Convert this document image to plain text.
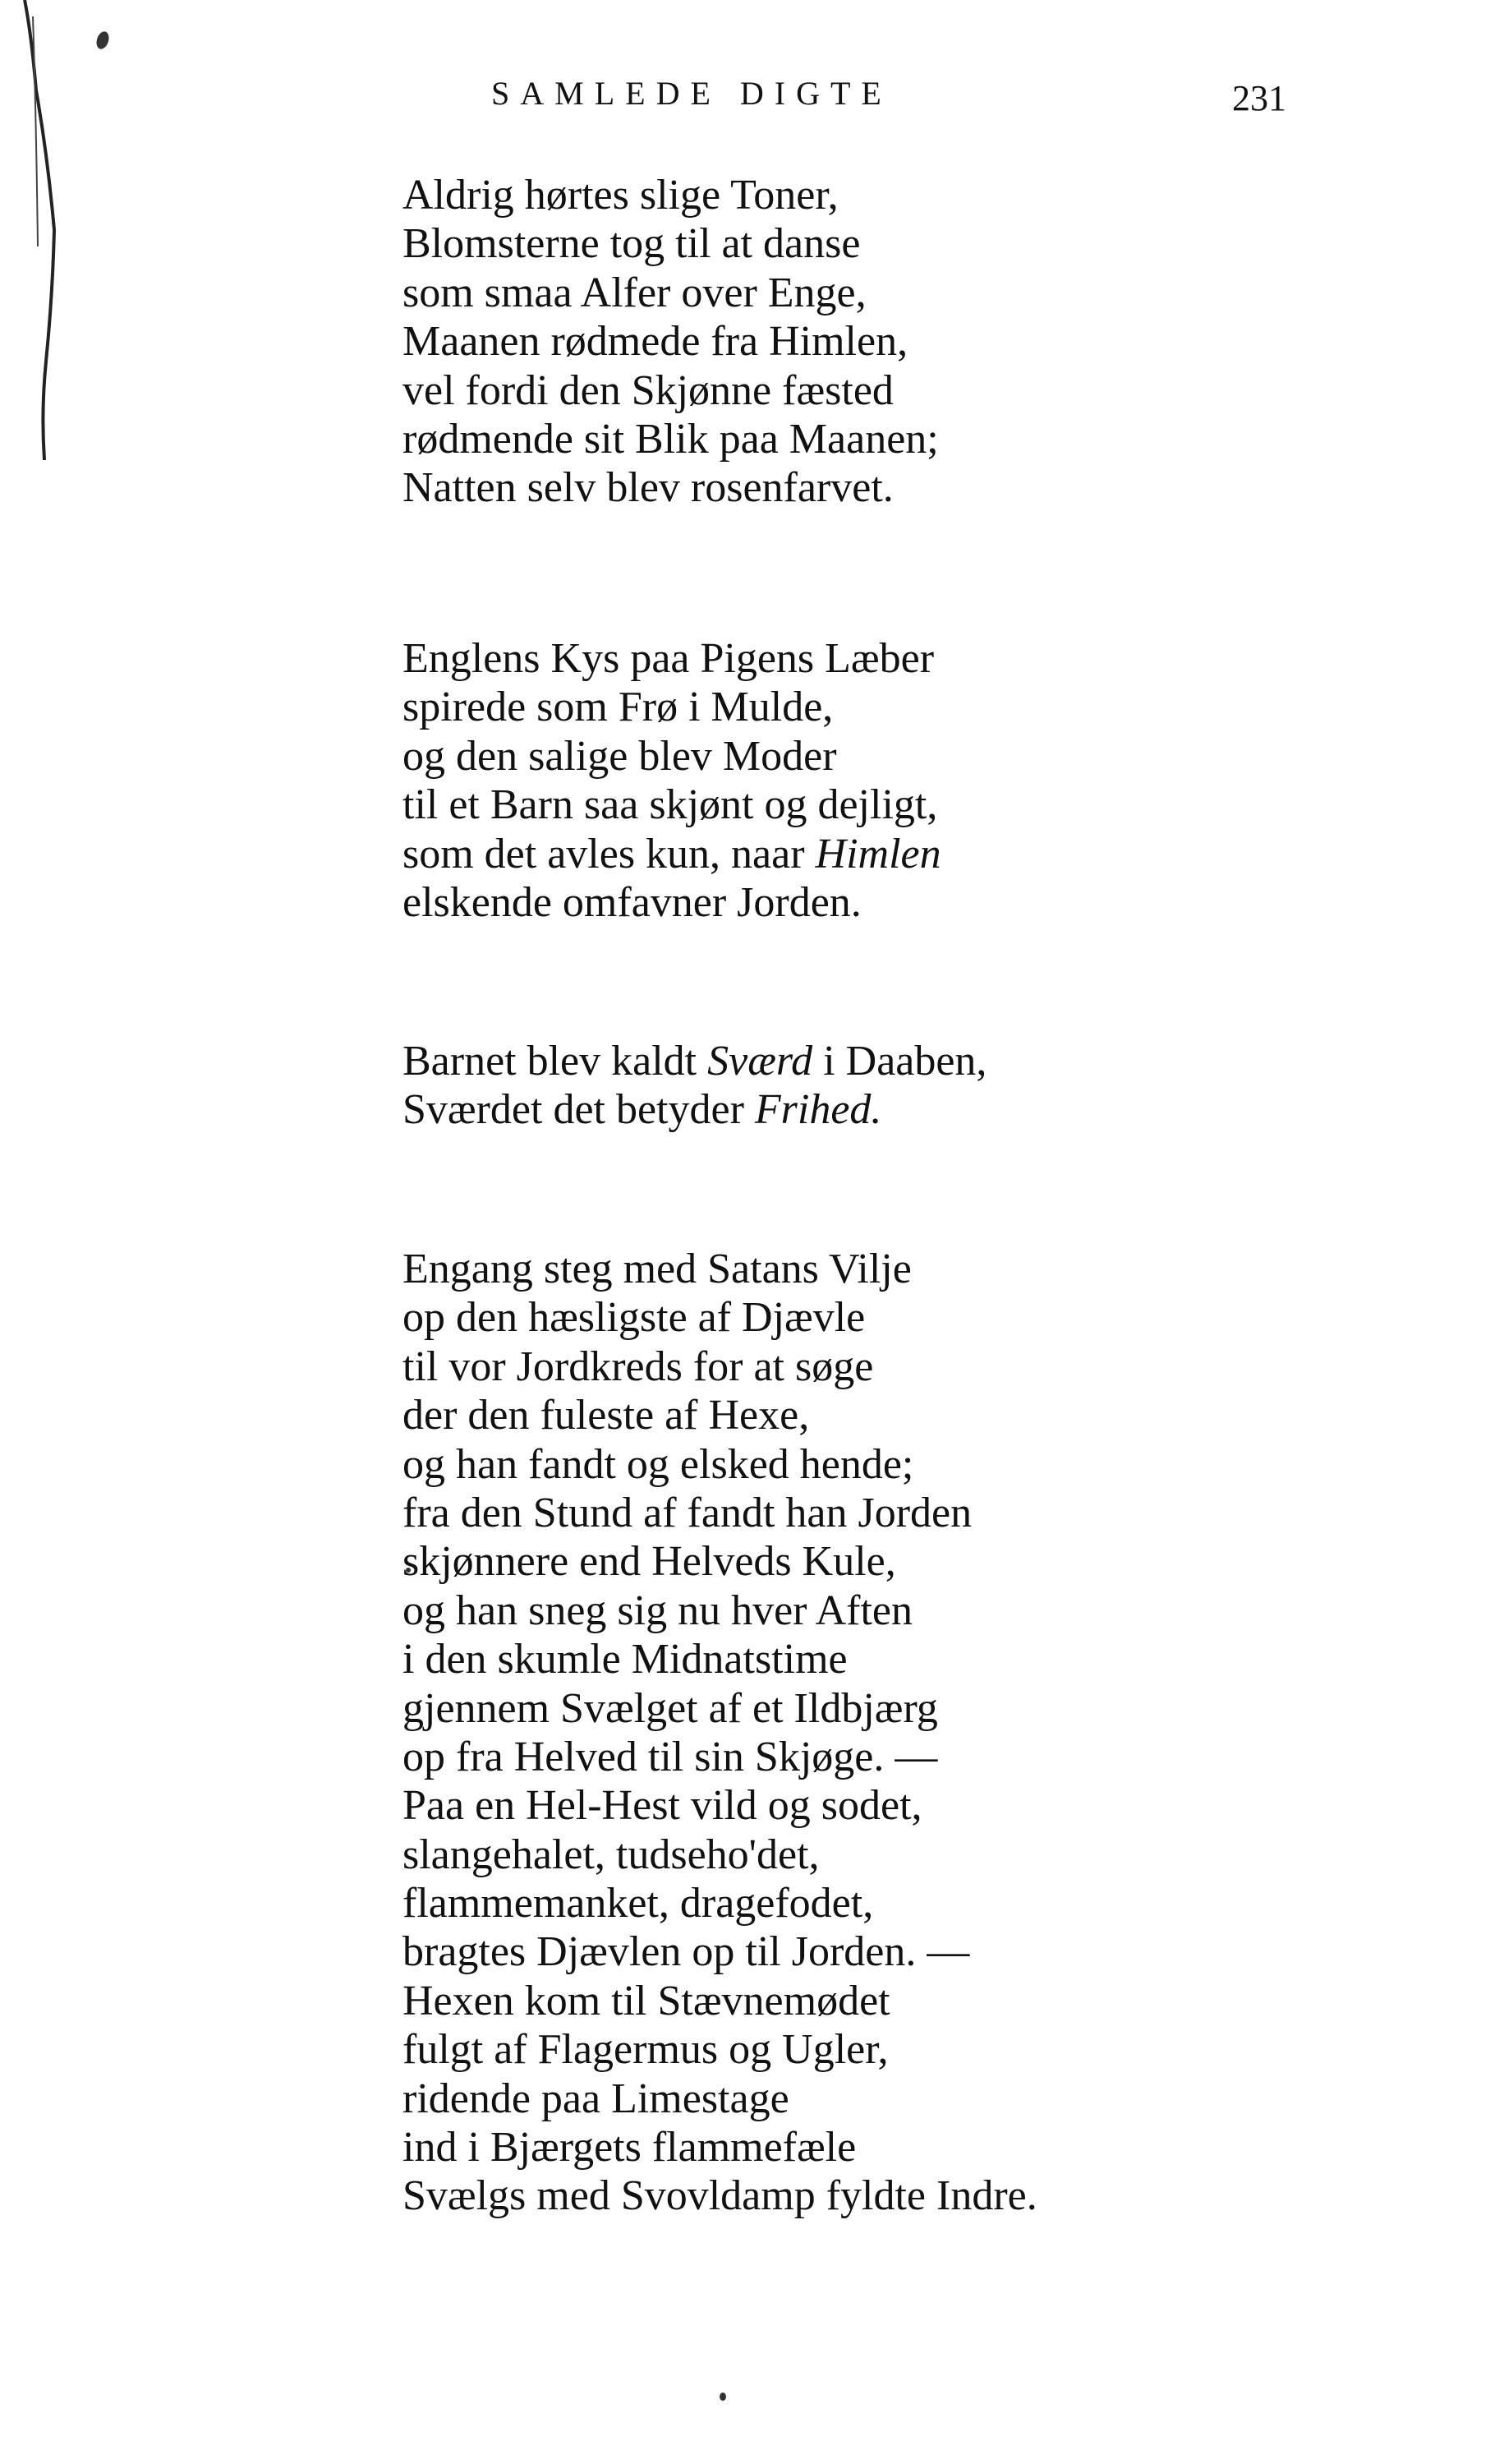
SAMLEDE DIGTE	231
Aldrig hørtes slige Toner,
Blomsterne tog til at danse
som smaa Alfer over Enge,
Maanen rødmede fra Himlen,
vel fordi den Skjønne fæsted
rødmende sit Blik paa Maanen;
Natten selv blev rosenfarvet.
Englens Kys paa Pigens Læber
spirede som Frø i Mulde,
og den salige blev Moder
til et Barn saa skjønt og dejligt,
som det avles kun, naar Himlen
elskende omfavner Jorden.
Barnet blev kaldt Sværd i Daaben,
Sværdet det betyder Frihed.
Engang steg med Satans Vilje
op den hæsligste af Djævle
til vor Jordkreds for at søge
der den fuleste af Hexe,
og han fandt og elsked hende;
fra den Stund af fandt han Jorden
skjønnere end Helveds Kule,
og han sneg sig nu hver Aften
i den skumle Midnatstime
gjennem Svælget af et Ildbjærg
op fra Helved til sin Skjøge. —
Paa en Hel-Hest vild og sodet,
slangehalet, tudseho'det,
flammemanket, dragefodet,
bragtes Djævlen op til Jorden. —
Hexen kom til Stævnemødet
fulgt af Flagermus og Ugler,
ridende paa Limestage
ind i Bjærgets flammefæle
Svælgs med Svovldamp fyldte Indre.
